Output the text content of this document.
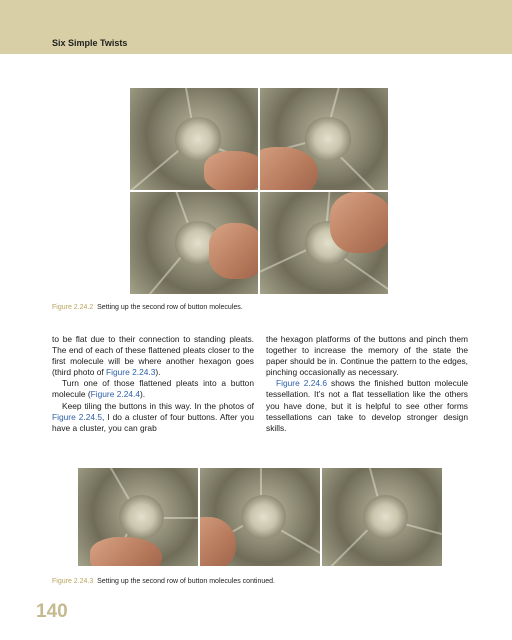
Six Simple Twists
Figure 2.24.2 Setting up the second row of button molecules.

to be flat due to their connection to standing pleats. The end of each of these flattened pleats closer to the first molecule will be where another hexagon goes (third photo of Figure 2.24.3).

Turn one of those flattened pleats into a button molecule (Figure 2.24.4).

Keep tiling the buttons in this way. In the photos of Figure 2.24.5, I do a cluster of four buttons. After you have a cluster, you can grab

the hexagon platforms of the buttons and pinch them together to increase the memory of the state the paper should be in. Continue the pattern to the edges, pinching occasionally as necessary.

Figure 2.24.6 shows the finished button molecule tessellation. It’s not a flat tessellation like the others you have done, but it is helpful to see other forms tessellations can take to develop stronger design skills.

Figure 2.24.3 Setting up the second row of button molecules continued.
140
